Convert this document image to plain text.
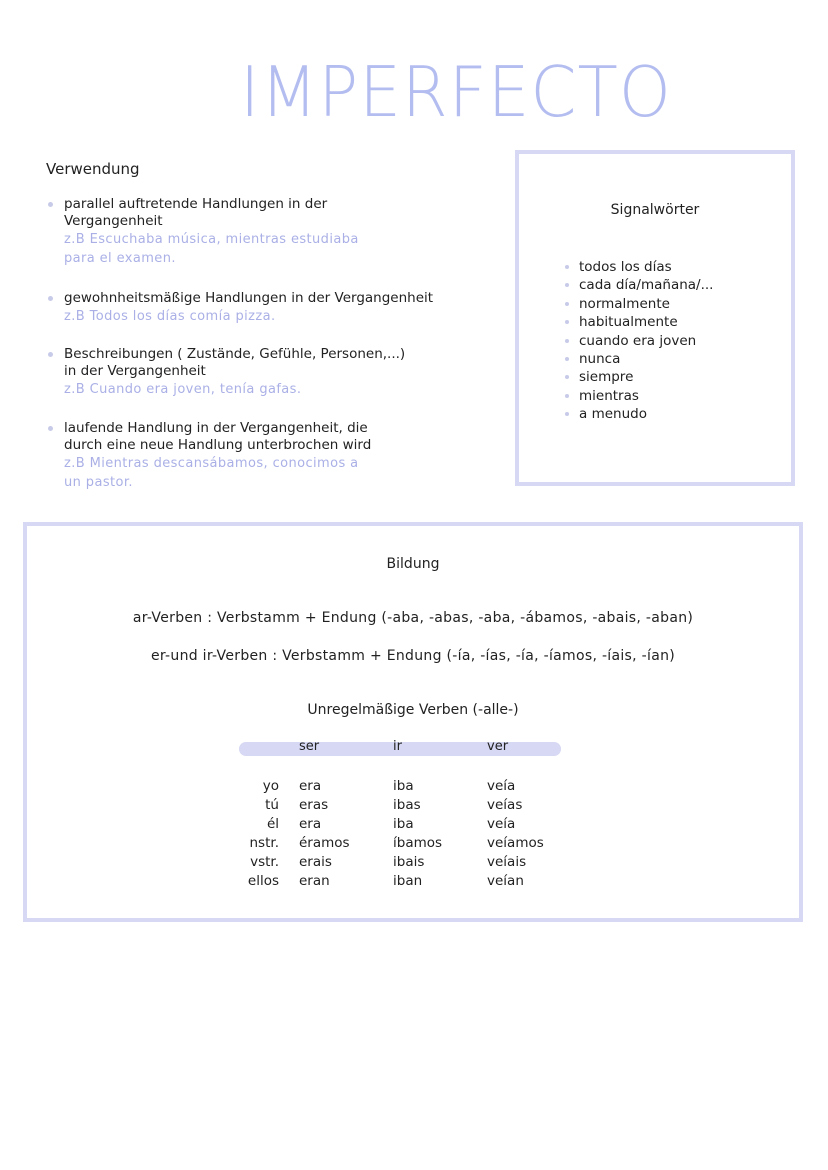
IMPERFECTO
Verwendung
parallel auftretende Handlungen in der
Vergangenheit
z.B Escuchaba música, mientras estudiaba
para el examen.
gewohnheitsmäßige Handlungen in der Vergangenheit
z.B Todos los días comía pizza.
Beschreibungen ( Zustände, Gefühle, Personen,...)
in der Vergangenheit
z.B Cuando era joven, tenía gafas.
laufende Handlung in der Vergangenheit, die
durch eine neue Handlung unterbrochen wird
z.B Mientras descansábamos, conocimos a
un pastor.
Signalwörter
todos los días
cada día/mañana/...
normalmente
habitualmente
cuando era joven
nunca
siempre
mientras
a menudo
Bildung
ar-Verben : Verbstamm + Endung (-aba, -abas, -aba, -ábamos, -abais, -aban)
er-und ir-Verben : Verbstamm + Endung (-ía, -ías, -ía, -íamos, -íais, -ían)
Unregelmäßige Verben (-alle-)
ser	ir	ver
yo era	iba	veía
tú eras	ibas	veías
él era	iba	veía
nstr. éramos	íbamos	veíamos
vstr. erais	ibais	veíais
ellos eran	iban	veían
